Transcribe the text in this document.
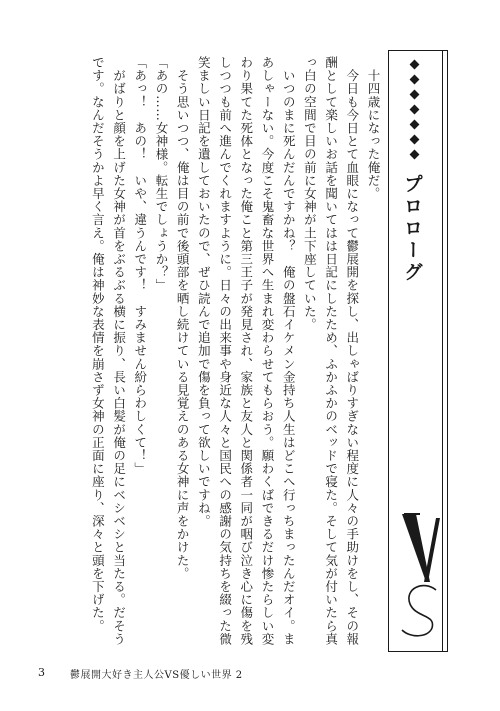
プロローグ

　十四歳になった俺だ。

　今日も今日とて血眼になって鬱展開を探し、出しゃばりすぎない程度に人々の手助けをし、その報酬として楽しいお話を聞いてはは日記にしたため、ふかふかのベッドで寝た。そして気が付いたら真っ白の空間で目の前に女神が土下座していた。

　いつのまに死んだんですかね？　俺の盤石イケメン金持ち人生はどこへ行っちまったんだオイ。まあしゃーない。今度こそ鬼畜な世界へ生まれ変わらせてもらおう。願わくばできるだけ惨たらしい変わり果てた死体となった俺こと第三王子が発見され、家族と友人と関係者一同が咽び泣き心に傷を残しつつも前へ進んでくれますように。日々の出来事や身近な人々と国民への感謝の気持ちを綴った微笑ましい日記を遺しておいたので、ぜひ読んで追加で傷を負って欲しいですね。

　そう思いつつ、俺は目の前で後頭部を晒し続けている見覚えのある女神に声をかけた。

「あの……女神様。転生でしょうか？」

「あっ！　あの！　いや、違うんです！　すみません紛らわしくて！」

　がばりと顔を上げた女神が首をぶるぶる横に振り、長い白髪が俺の足にベシベシと当たる。だそうです。なんだそうかよ早く言え。俺は神妙な表情を崩さず女神の正面に座り、深々と頭を下げた。

3	鬱展開大好き主人公VS優しい世界 2
